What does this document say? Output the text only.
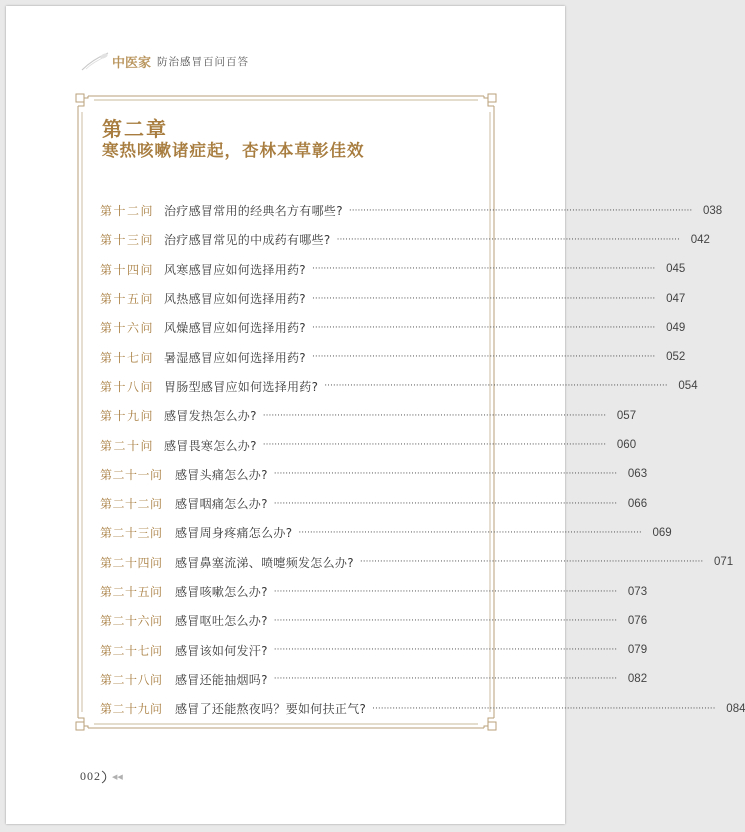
中医家 防治感冒百问百答
第二章
寒热咳嗽诸症起，杏林本草彰佳效
第十二问 治疗感冒常用的经典名方有哪些? ························································································································ 038
第十三问 治疗感冒常见的中成药有哪些? ························································································································ 042
第十四问 风寒感冒应如何选择用药? ························································································································ 045
第十五问 风热感冒应如何选择用药? ························································································································ 047
第十六问 风燥感冒应如何选择用药? ························································································································ 049
第十七问 暑湿感冒应如何选择用药? ························································································································ 052
第十八问 胃肠型感冒应如何选择用药? ························································································································ 054
第十九问 感冒发热怎么办? ························································································································ 057
第二十问 感冒畏寒怎么办? ························································································································ 060
第二十一问	感冒头痛怎么办? ························································································································ 063
第二十二问	感冒咽痛怎么办? ························································································································ 066
第二十三问	感冒周身疼痛怎么办? ························································································································ 069
第二十四问	感冒鼻塞流涕、喷嚏频发怎么办? ························································································································ 071
第二十五问	感冒咳嗽怎么办? ························································································································ 073
第二十六问	感冒呕吐怎么办? ························································································································ 076
第二十七问	感冒该如何发汗? ························································································································ 079
第二十八问	感冒还能抽烟吗? ························································································································ 082
第二十九问	感冒了还能熬夜吗？要如何扶正气? ························································································································ 084
002 ◀◀
